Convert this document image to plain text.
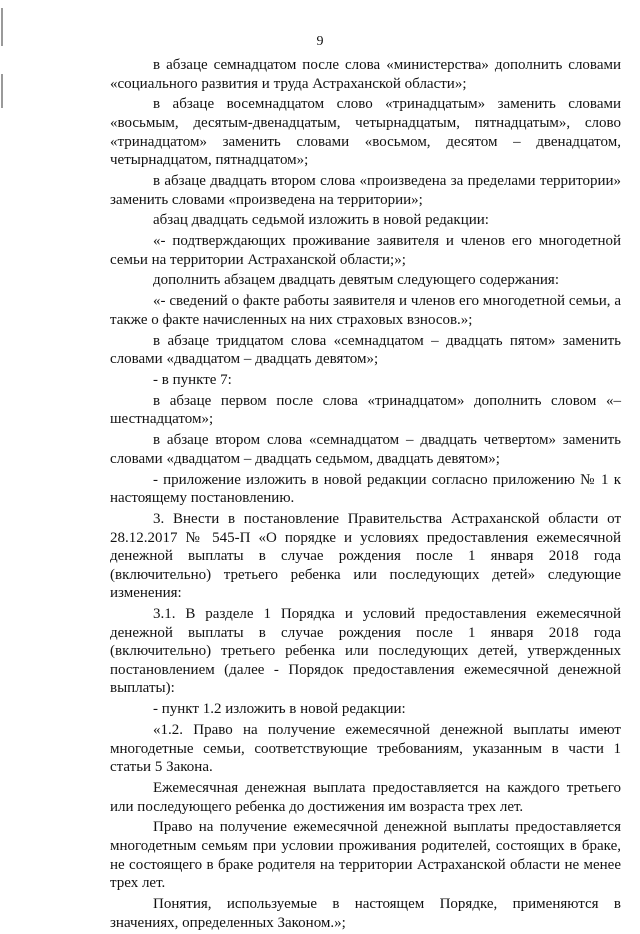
9

в абзаце семнадцатом после слова «министерства» дополнить словами «социального развития и труда Астраханской области»;

в абзаце восемнадцатом слово «тринадцатым» заменить словами «восьмым, десятым-двенадцатым, четырнадцатым, пятнадцатым», слово «тринадцатом» заменить словами «восьмом, десятом – двенадцатом, четырнадцатом, пятнадцатом»;

в абзаце двадцать втором слова «произведена за пределами территории» заменить словами «произведена на территории»;

абзац двадцать седьмой изложить в новой редакции:

«- подтверждающих проживание заявителя и членов его многодетной семьи на территории Астраханской области;»;

дополнить абзацем двадцать девятым следующего содержания:

«- сведений о факте работы заявителя и членов его многодетной семьи, а также о факте начисленных на них страховых взносов.»;

в абзаце тридцатом слова «семнадцатом – двадцать пятом» заменить словами «двадцатом – двадцать девятом»;

- в пункте 7:

в абзаце первом после слова «тринадцатом» дополнить словом «– шестнадцатом»;

в абзаце втором слова «семнадцатом – двадцать четвертом» заменить словами «двадцатом – двадцать седьмом, двадцать девятом»;

- приложение изложить в новой редакции согласно приложению № 1 к настоящему постановлению.

3. Внести в постановление Правительства Астраханской области от 28.12.2017 № 545-П «О порядке и условиях предоставления ежемесячной денежной выплаты в случае рождения после 1 января 2018 года (включительно) третьего ребенка или последующих детей» следующие изменения:

3.1. В разделе 1 Порядка и условий предоставления ежемесячной денежной выплаты в случае рождения после 1 января 2018 года (включительно) третьего ребенка или последующих детей, утвержденных постановлением (далее - Порядок предоставления ежемесячной денежной выплаты):

- пункт 1.2 изложить в новой редакции:

«1.2. Право на получение ежемесячной денежной выплаты имеют многодетные семьи, соответствующие требованиям, указанным в части 1 статьи 5 Закона.

Ежемесячная денежная выплата предоставляется на каждого третьего или последующего ребенка до достижения им возраста трех лет.

Право на получение ежемесячной денежной выплаты предоставляется многодетным семьям при условии проживания родителей, состоящих в браке, не состоящего в браке родителя на территории Астраханской области не менее трех лет.

Понятия, используемые в настоящем Порядке, применяются в значениях, определенных Законом.»;
